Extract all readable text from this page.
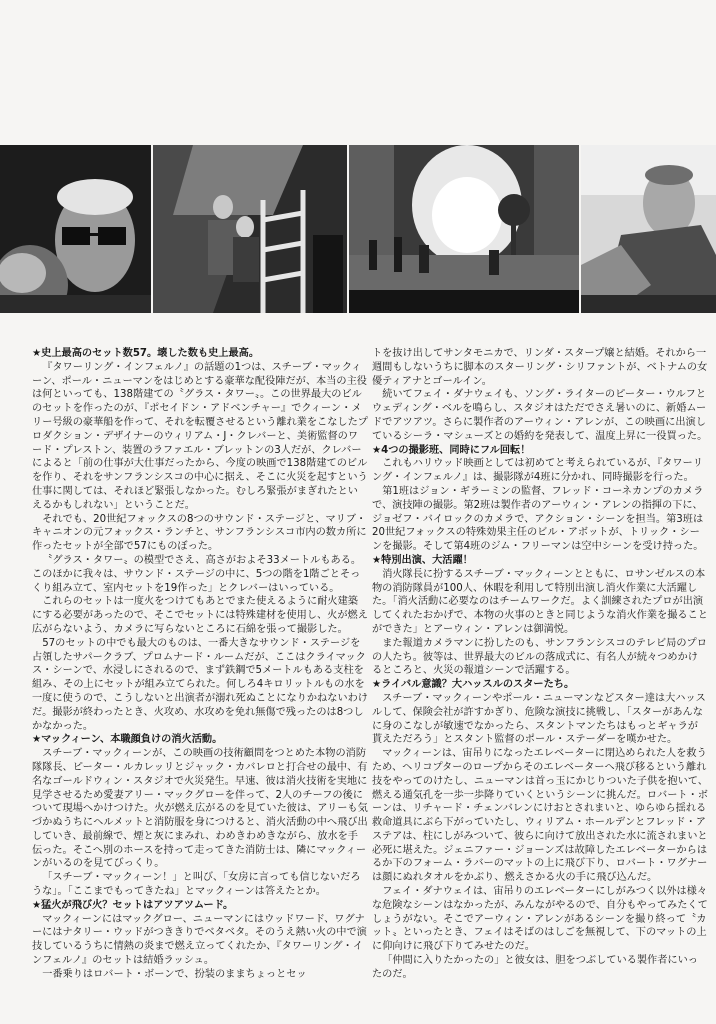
★史上最高のセット数57。壊した数も史上最高。

『タワーリング・インフェルノ』の話題の1つは、スチーブ・マックィーン、ポール・ニューマンをはじめとする豪華な配役陣だが、本当の主役は何といっても、138階建ての〝グラス・タワー〟。この世界最大のビルのセットを作ったのが、『ポセイドン・アドベンチャー』でクィーン・メリー号級の豪華船を作って、それを転覆させるという離れ業をこなしたプロダクション・デザイナーのウィリアム・J・クレバーと、美術監督のワード・プレストン、装置のラファエル・ブレットンの3人だが、クレバーによると「前の仕事が大仕事だったから、今度の映画で138階建てのビルを作り、それをサンフランシスコの中心に据え、そこに火災を起すという仕事に関しては、それほど緊張しなかった。むしろ緊張がまぎれたといえるかもしれない」ということだ。

それでも、20世紀フォックスの8つのサウンド・ステージと、マリブ・キャニオンの元フォックス・ランチと、サンフランシスコ市内の数カ所に作ったセットが全部で57にものぼった。

〝グラス・タワー〟の模型でさえ、高さがおよそ33メートルもある。このほかに我々は、サウンド・ステージの中に、5つの階を1階ごとそっくり組み立て、室内セットを19作った」とクレバーはいっている。

これらのセットは一度火をつけてもあとでまた使えるように耐火建築にする必要があったので、そこでセットには特殊建材を使用し、火が燃え広がらないよう、カメラに写らないところに石綿を張って撮影した。

57のセットの中でも最大のものは、一番大きなサウンド・ステージを占領したサパークラブ、プロムナード・ルームだが、ここはクライマックス・シーンで、水浸しにされるので、まず鉄鋼で5メートルもある支柱を組み、その上にセットが組み立てられた。何しろ4キロリットルもの水を一度に使うので、こうしないと出演者が溺れ死ぬことになりかねないわけだ。撮影が終わったとき、火攻め、水攻めを免れ無傷で残ったのは8つしかなかった。

★マックィーン、本職顔負けの消火活動。

スチーブ・マックィーンが、この映画の技術顧問をつとめた本物の消防隊隊長、ピーター・ルカレッリとジャック・カバレロと打合せの最中、有名なゴールドウィン・スタジオで火災発生。早速、彼は消火技術を実地に見学させるため愛妻アリー・マックグローを伴って、2人のチーフの後について現場へかけつけた。火が燃え広がるのを見ていた彼は、アリーも気づかぬうちにヘルメットと消防服を身につけると、消火活動の中へ飛び出していき、最前線で、煙と灰にまみれ、わめきわめきながら、放水を手伝った。そこへ別のホースを持って走ってきた消防士は、隣にマックィーンがいるのを見てびっくり。

「スチーブ・マックィーン！」と叫び、「女房に言っても信じないだろうな」。「ここまでもってきたね」とマックィーンは答えたとか。

★猛火が飛び火？セットはアツアツムード。

マックィーンにはマックグロー、ニューマンにはウッドワード、ワグナーにはナタリー・ウッドがつききりでベタベタ。そのうえ熱い火の中で演技しているうちに情熱の炎まで燃え立ってくれたか、『タワーリング・インフェルノ』のセットは結婚ラッシュ。

一番乗りはロバート・ボーンで、扮装のままちょっとセッ

トを抜け出してサンタモニカで、リンダ・スタープ嬢と結婚。それから一週間もしないうちに脚本のスターリング・シリファントが、ベトナムの女優ティアナとゴールイン。

続いてフェイ・ダナウェイも、ソング・ライターのピーター・ウルフとウェディング・ベルを鳴らし、スタジオはただでさえ暑いのに、新婚ムードでアツアツ。さらに製作者のアーウィン・アレンが、この映画に出演しているシーラ・マシューズとの婚約を発表して、温度上昇に一役買った。

★4つの撮影班、同時にフル回転！

これもハリウッド映画としては初めてと考えられているが、『タワーリング・インフェルノ』は、撮影隊が4班に分かれ、同時撮影を行った。

第1班はジョン・ギラーミンの監督、フレッド・コーネカンプのカメラで、演技陣の撮影。第2班は製作者のアーウィン・アレンの指揮の下に、ジョゼフ・バイロックのカメラで、アクション・シーンを担当。第3班は20世紀フォックスの特殊効果主任のビル・アボットが、トリック・シーンを撮影。そして第4班のジム・フリーマンは空中シーンを受け持った。

★特別出演、大活躍！

消火隊長に扮するスチーブ・マックィーンとともに、ロサンゼルスの本物の消防隊員が100人、休暇を利用して特別出演し消火作業に大活躍した。「消火活動に必要なのはチームワークだ。よく訓練されたプロが出演してくれたおかげで、本物の火事のときと同じような消火作業を撮ることができた」とアーウィン・アレンは御満悦。

また報道カメラマンに扮したのも、サンフランシスコのテレビ局のプロの人たち。彼等は、世界最大のビルの落成式に、有名人が続々つめかけるところと、火災の報道シーンで活躍する。

★ライバル意識？大ハッスルのスターたち。

スチーブ・マックィーンやポール・ニューマンなどスター達は大ハッスルして、保険会社が許すかぎり、危険な演技に挑戦し、「スターがあんなに身のこなしが敏速でなかったら、スタントマンたちはもっとギャラが貰えただろう」とスタント監督のポール・ステーダーを嘆かせた。

マックィーンは、宙吊りになったエレベーターに閉込められた人を救うため、ヘリコプターのロープからそのエレベーターへ飛び移るという離れ技をやってのけたし、ニューマンは首っ玉にかじりついた子供を抱いて、燃える通気孔を一歩一歩降りていくというシーンに挑んだ。ロバート・ボーンは、リチャード・チェンバレンにけおとされまいと、ゆらゆら揺れる救命道具にぶら下がっていたし、ウィリアム・ホールデンとフレッド・アステアは、柱にしがみついて、彼らに向けて放出された水に流されまいと必死に堪えた。ジェニファー・ジョーンズは故障したエレベーターからはるか下のフォーム・ラバーのマットの上に飛び下り、ロバート・ワグナーは顔にぬれタオルをかぶり、燃えさかる火の手に飛び込んだ。

フェイ・ダナウェイは、宙吊りのエレベーターにしがみつく以外は様々な危険なシーンはなかったが、みんながやるので、自分もやってみたくてしょうがない。そこでアーウィン・アレンがあるシーンを撮り終って〝カット〟といったとき、フェイはそばのはしごを無視して、下のマットの上に仰向けに飛び下りてみせたのだ。

「仲間に入りたかったの」と彼女は、胆をつぶしている製作者にいったのだ。
